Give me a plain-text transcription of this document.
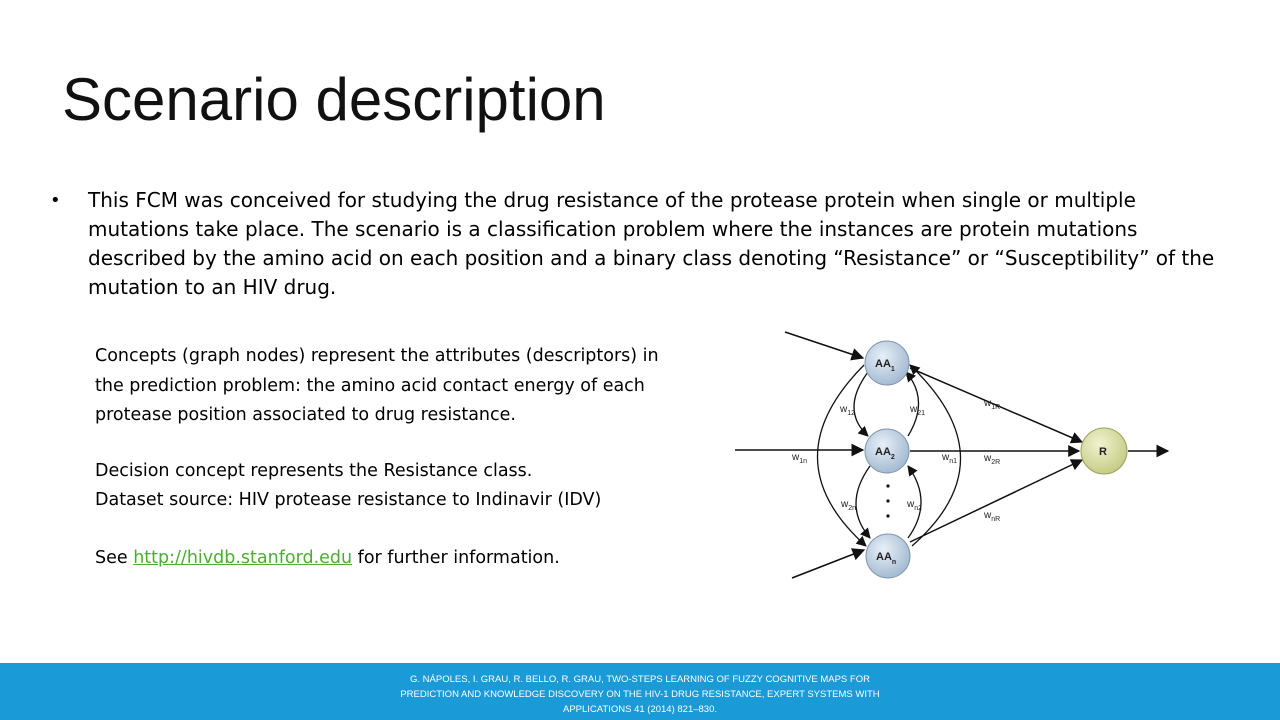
Scenario description
• This FCM was conceived for studying the drug resistance of the protease protein when single or multiple mutations take place. The scenario is a classification problem where the instances are protein mutations described by the amino acid on each position and a binary class denoting “Resistance” or “Susceptibility” of the mutation to an HIV drug.
Concepts (graph nodes) represent the attributes (descriptors) in
the prediction problem: the amino acid contact energy of each
protease position associated to drug resistance.
Decision concept represents the Resistance class.
Dataset source: HIV protease resistance to Indinavir (IDV)
See http://hivdb.stanford.edu for further information.
$AA_1$
$AA_2$
$AA_n$
R
$w_{12}$	$w_{21}$
$w_{1n}$	$w_{n1}$
$w_{2n}$	$w_{n2}$
$w_{1R}$
$w_{2R}$
$w_{nR}$
G. NÁPOLES, I. GRAU, R. BELLO, R. GRAU, TWO-STEPS LEARNING OF FUZZY COGNITIVE MAPS FOR PREDICTION AND KNOWLEDGE DISCOVERY ON THE HIV-1 DRUG RESISTANCE, EXPERT SYSTEMS WITH APPLICATIONS 41 (2014) 821–830.
